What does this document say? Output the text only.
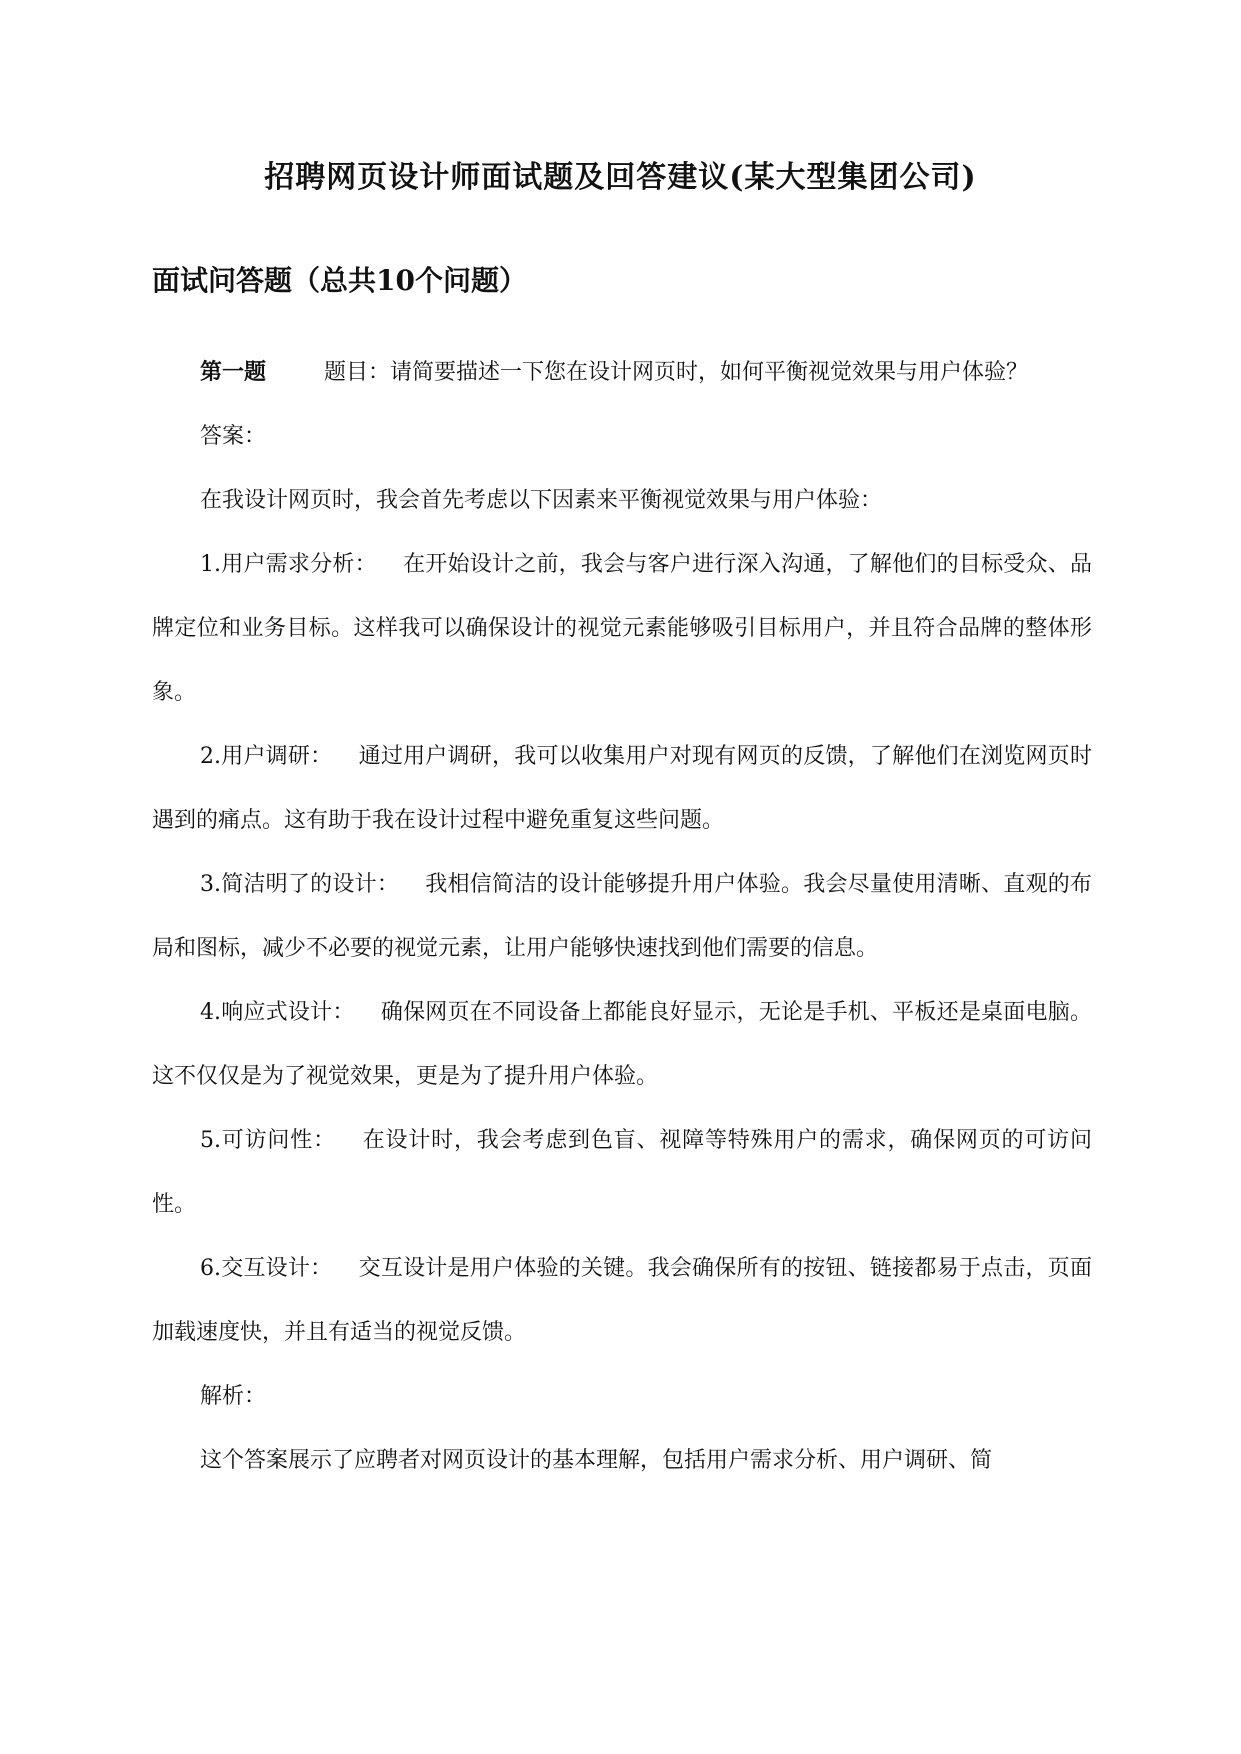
招聘网页设计师面试题及回答建议(某大型集团公司)
面试问答题（总共10个问题）

第一题	题目：请简要描述一下您在设计网页时，如何平衡视觉效果与用户体验？

答案：

在我设计网页时，我会首先考虑以下因素来平衡视觉效果与用户体验：

1.用户需求分析： 在开始设计之前，我会与客户进行深入沟通，了解他们的目标受众、品牌定位和业务目标。这样我可以确保设计的视觉元素能够吸引目标用户，并且符合品牌的整体形象。

2.用户调研： 通过用户调研，我可以收集用户对现有网页的反馈，了解他们在浏览网页时遇到的痛点。这有助于我在设计过程中避免重复这些问题。

3.简洁明了的设计： 我相信简洁的设计能够提升用户体验。我会尽量使用清晰、直观的布局和图标，减少不必要的视觉元素，让用户能够快速找到他们需要的信息。

4.响应式设计： 确保网页在不同设备上都能良好显示，无论是手机、平板还是桌面电脑。这不仅仅是为了视觉效果，更是为了提升用户体验。

5.可访问性： 在设计时，我会考虑到色盲、视障等特殊用户的需求，确保网页的可访问性。

6.交互设计： 交互设计是用户体验的关键。我会确保所有的按钮、链接都易于点击，页面加载速度快，并且有适当的视觉反馈。

解析：

这个答案展示了应聘者对网页设计的基本理解，包括用户需求分析、用户调研、简
